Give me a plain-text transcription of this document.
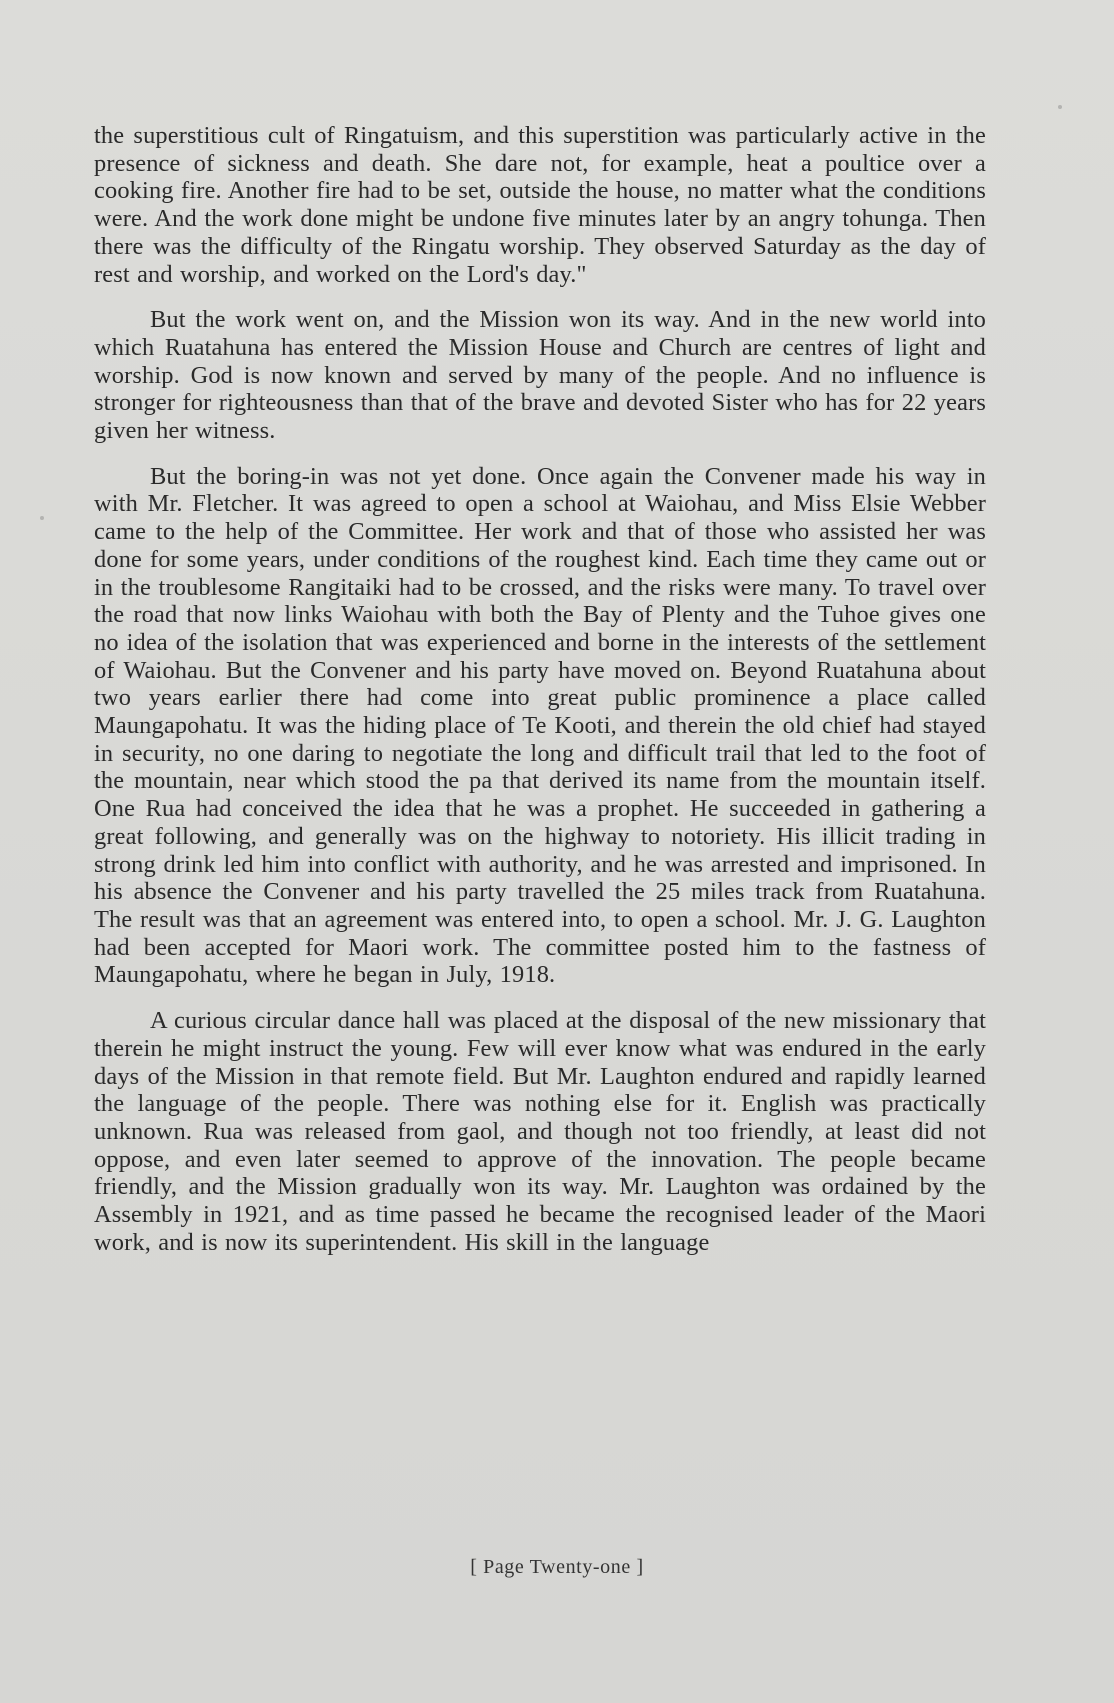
the superstitious cult of Ringatuism, and this superstition was particularly active in the presence of sickness and death. She dare not, for example, heat a poultice over a cooking fire. Another fire had to be set, outside the house, no matter what the conditions were. And the work done might be undone five minutes later by an angry tohunga. Then there was the difficulty of the Ringatu worship. They observed Saturday as the day of rest and worship, and worked on the Lord's day."

But the work went on, and the Mission won its way. And in the new world into which Ruatahuna has entered the Mission House and Church are centres of light and worship. God is now known and served by many of the people. And no influence is stronger for righteousness than that of the brave and devoted Sister who has for 22 years given her witness.

But the boring-in was not yet done. Once again the Convener made his way in with Mr. Fletcher. It was agreed to open a school at Waiohau, and Miss Elsie Webber came to the help of the Committee. Her work and that of those who assisted her was done for some years, under conditions of the roughest kind. Each time they came out or in the troublesome Rangitaiki had to be crossed, and the risks were many. To travel over the road that now links Waiohau with both the Bay of Plenty and the Tuhoe gives one no idea of the isolation that was experienced and borne in the interests of the settlement of Waiohau. But the Convener and his party have moved on. Beyond Ruatahuna about two years earlier there had come into great public prominence a place called Maungapohatu. It was the hiding place of Te Kooti, and therein the old chief had stayed in security, no one daring to negotiate the long and difficult trail that led to the foot of the mountain, near which stood the pa that derived its name from the mountain itself. One Rua had conceived the idea that he was a prophet. He succeeded in gathering a great following, and generally was on the highway to notoriety. His illicit trading in strong drink led him into conflict with authority, and he was arrested and imprisoned. In his absence the Convener and his party travelled the 25 miles track from Ruatahuna. The result was that an agreement was entered into, to open a school. Mr. J. G. Laughton had been accepted for Maori work. The committee posted him to the fastness of Maungapohatu, where he began in July, 1918.

A curious circular dance hall was placed at the disposal of the new missionary that therein he might instruct the young. Few will ever know what was endured in the early days of the Mission in that remote field. But Mr. Laughton endured and rapidly learned the language of the people. There was nothing else for it. English was practically unknown. Rua was released from gaol, and though not too friendly, at least did not oppose, and even later seemed to approve of the innovation. The people became friendly, and the Mission gradually won its way. Mr. Laughton was ordained by the Assembly in 1921, and as time passed he became the recognised leader of the Maori work, and is now its superintendent. His skill in the language

[ Page Twenty-one ]
